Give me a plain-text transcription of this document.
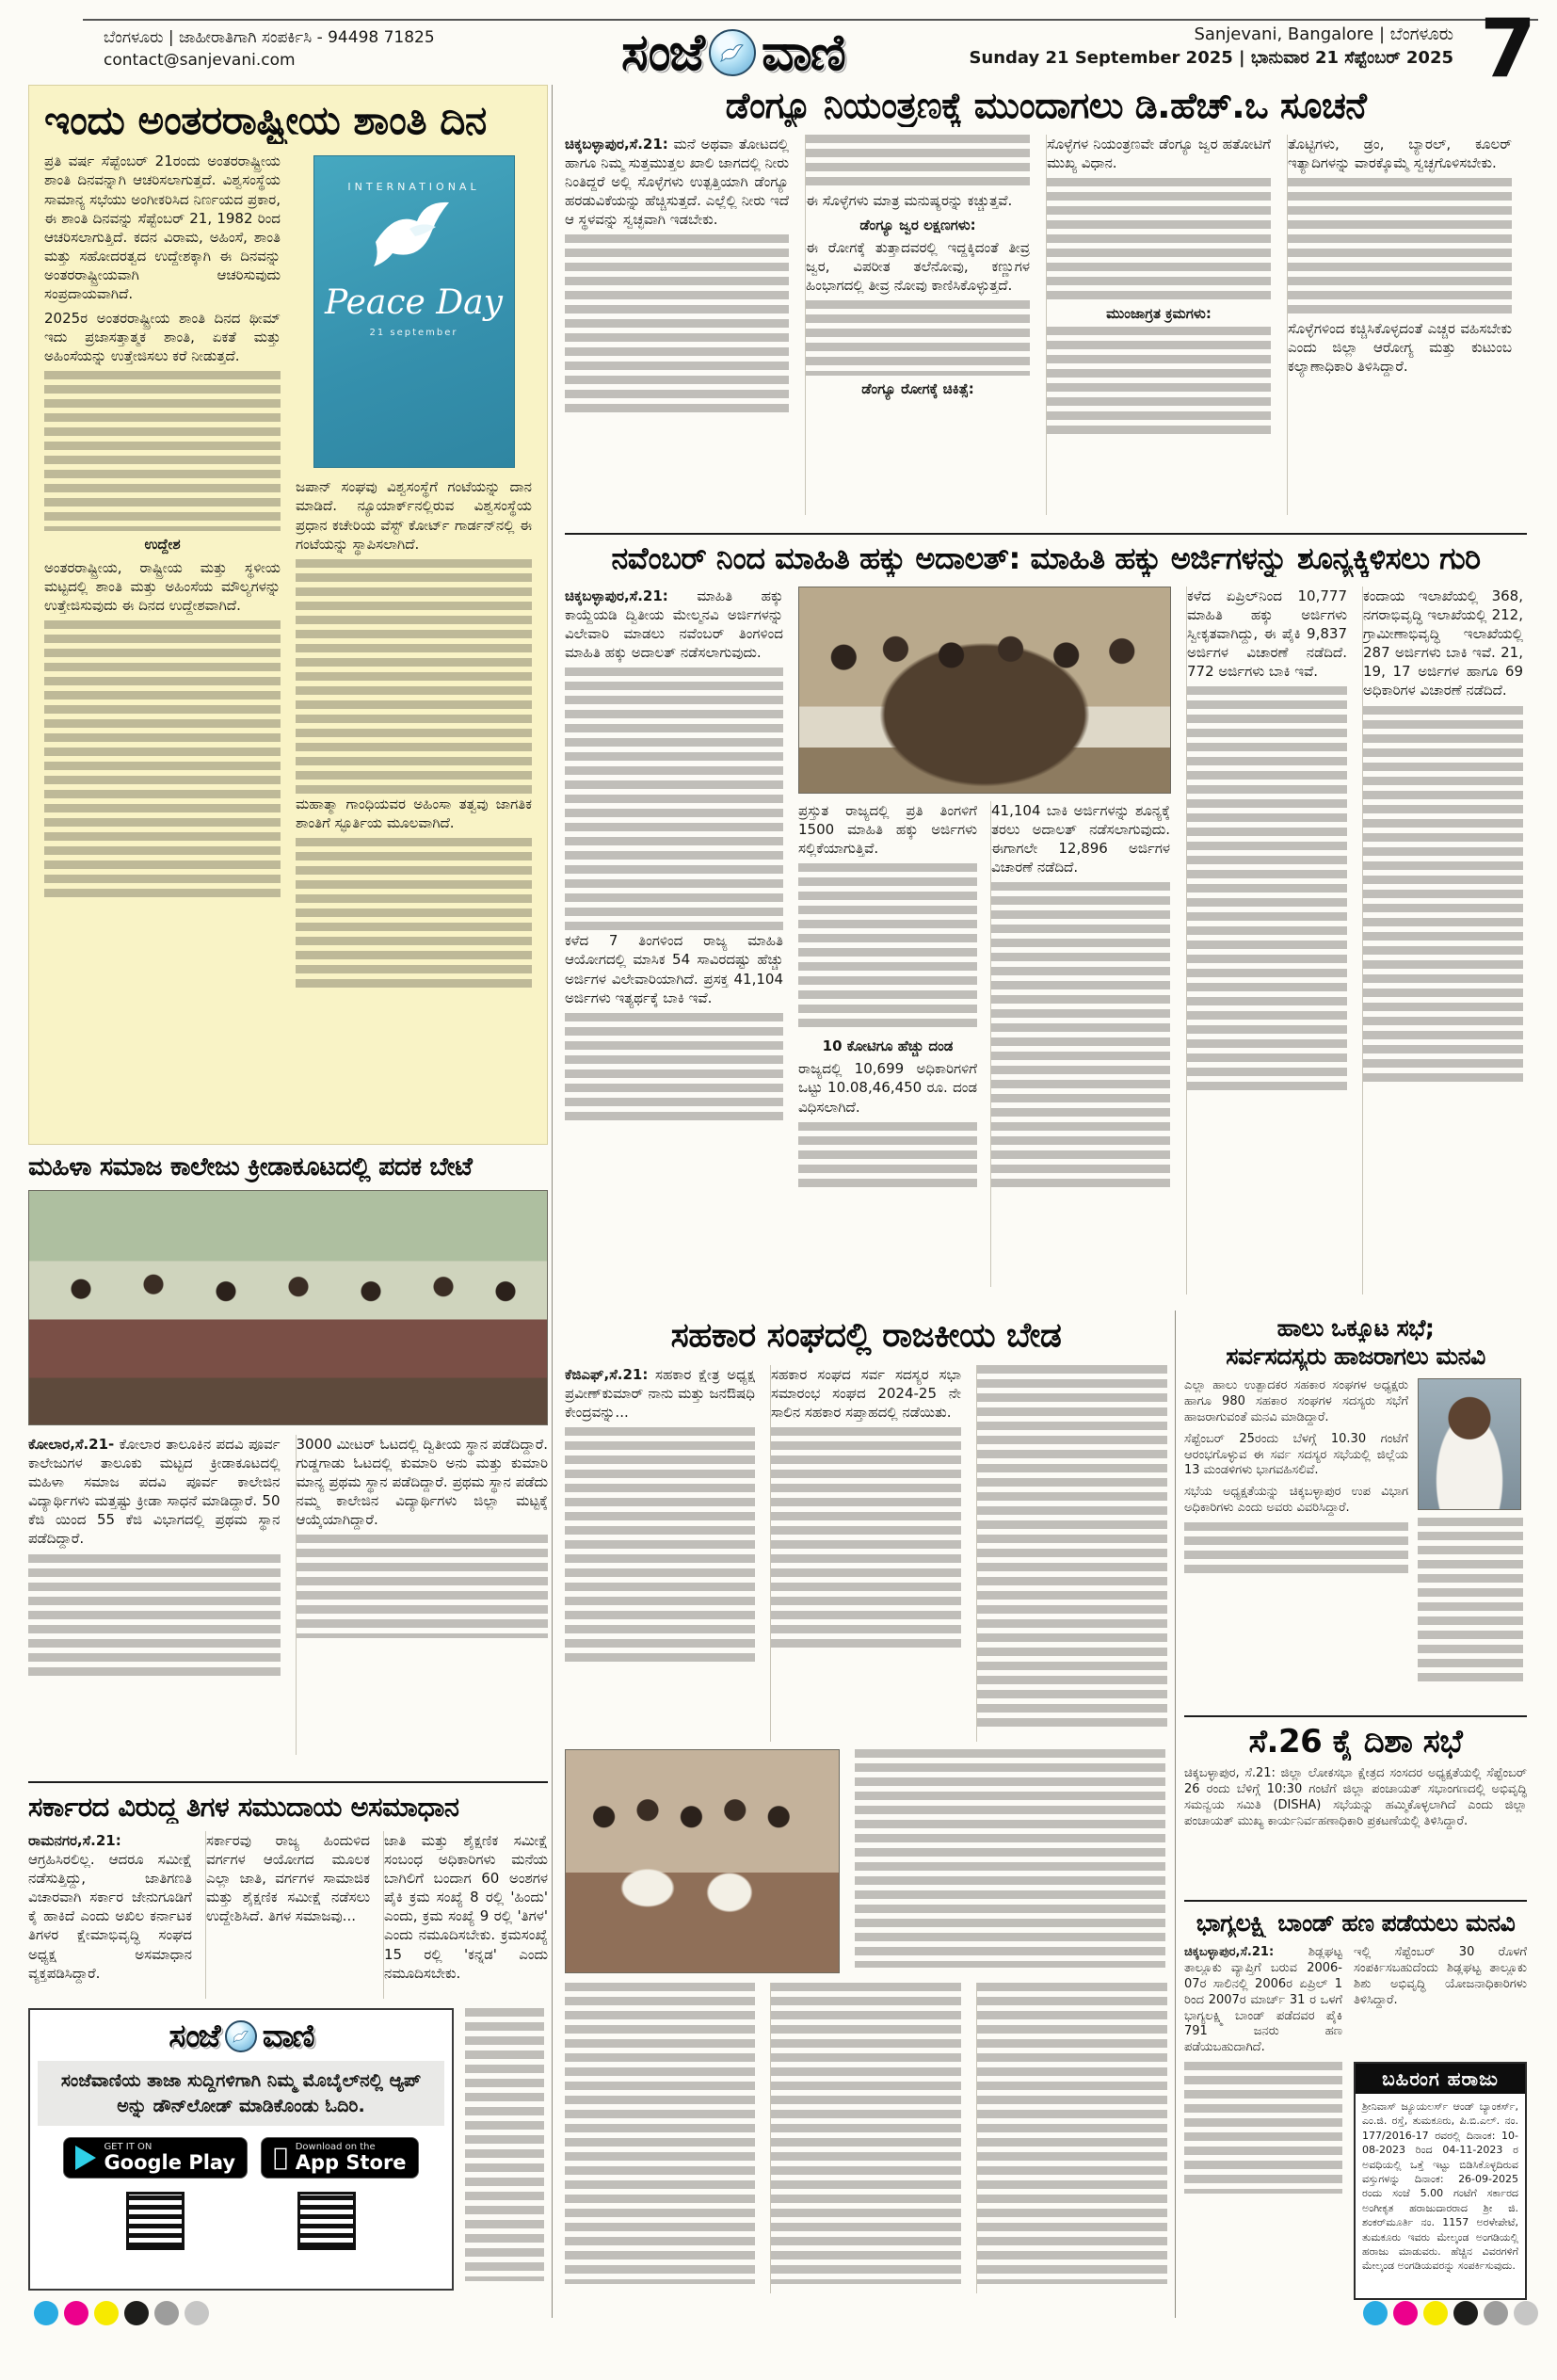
ಬೆಂಗಳೂರು | ಜಾಹೀರಾತಿಗಾಗಿ ಸಂಪರ್ಕಿಸಿ - 94498 71825
contact@sanjevani.com	ಸಂಜೆ ವಾಣಿ	Sanjevani, Bangalore | ಬೆಂಗಳೂರು
Sunday 21 September 2025 | ಭಾನುವಾರ 21 ಸೆಪ್ಟೆಂಬರ್ 2025 7
ಇಂದು ಅಂತರರಾಷ್ಟ್ರೀಯ ಶಾಂತಿ ದಿನ

ಪ್ರತಿ ವರ್ಷ ಸೆಪ್ಟೆಂಬರ್ 21ರಂದು ಅಂತರರಾಷ್ಟ್ರೀಯ ಶಾಂತಿ ದಿನವನ್ನಾಗಿ ಆಚರಿಸಲಾಗುತ್ತದೆ. ವಿಶ್ವಸಂಸ್ಥೆಯ ಸಾಮಾನ್ಯ ಸಭೆಯು ಅಂಗೀಕರಿಸಿದ ನಿರ್ಣಯದ ಪ್ರಕಾರ, ಈ ಶಾಂತಿ ದಿನವನ್ನು ಸೆಪ್ಟೆಂಬರ್ 21, 1982 ರಿಂದ ಆಚರಿಸಲಾಗುತ್ತಿದೆ. ಕದನ ವಿರಾಮ, ಅಹಿಂಸೆ, ಶಾಂತಿ ಮತ್ತು ಸಹೋದರತ್ವದ ಉದ್ದೇಶಕ್ಕಾಗಿ ಈ ದಿನವನ್ನು ಅಂತರರಾಷ್ಟ್ರೀಯವಾಗಿ ಆಚರಿಸುವುದು ಸಂಪ್ರದಾಯವಾಗಿದೆ.

2025ರ ಅಂತರರಾಷ್ಟ್ರೀಯ ಶಾಂತಿ ದಿನದ ಥೀಮ್ ಇದು ಪ್ರಜಾಸತ್ತಾತ್ಮಕ ಶಾಂತಿ, ಏಕತೆ ಮತ್ತು ಅಹಿಂಸೆಯನ್ನು ಉತ್ತೇಜಿಸಲು ಕರೆ ನೀಡುತ್ತದೆ.

ಉದ್ದೇಶ

ಅಂತರರಾಷ್ಟ್ರೀಯ, ರಾಷ್ಟ್ರೀಯ ಮತ್ತು ಸ್ಥಳೀಯ ಮಟ್ಟದಲ್ಲಿ ಶಾಂತಿ ಮತ್ತು ಅಹಿಂಸೆಯ ಮೌಲ್ಯಗಳನ್ನು ಉತ್ತೇಜಿಸುವುದು ಈ ದಿನದ ಉದ್ದೇಶವಾಗಿದೆ.

INTERNATIONAL
Peace Day
21 september

ಜಪಾನ್ ಸಂಘವು ವಿಶ್ವಸಂಸ್ಥೆಗೆ ಗಂಟೆಯನ್ನು ದಾನ ಮಾಡಿದೆ. ನ್ಯೂಯಾರ್ಕ್‌ನಲ್ಲಿರುವ ವಿಶ್ವಸಂಸ್ಥೆಯ ಪ್ರಧಾನ ಕಚೇರಿಯ ವೆಸ್ಟ್ ಕೋರ್ಟ್ ಗಾರ್ಡನ್‌ನಲ್ಲಿ ಈ ಗಂಟೆಯನ್ನು ಸ್ಥಾಪಿಸಲಾಗಿದೆ.

ಮಹಾತ್ಮಾ ಗಾಂಧಿಯವರ ಅಹಿಂಸಾ ತತ್ವವು ಜಾಗತಿಕ ಶಾಂತಿಗೆ ಸ್ಫೂರ್ತಿಯ ಮೂಲವಾಗಿದೆ.

ಮಹಿಳಾ ಸಮಾಜ ಕಾಲೇಜು ಕ್ರೀಡಾಕೂಟದಲ್ಲಿ ಪದಕ ಬೇಟೆ

ಕೋಲಾರ,ಸೆ.21- ಕೋಲಾರ ತಾಲೂಕಿನ ಪದವಿ ಪೂರ್ವ ಕಾಲೇಜುಗಳ ತಾಲೂಕು ಮಟ್ಟದ ಕ್ರೀಡಾಕೂಟದಲ್ಲಿ ಮಹಿಳಾ ಸಮಾಜ ಪದವಿ ಪೂರ್ವ ಕಾಲೇಜಿನ ವಿದ್ಯಾರ್ಥಿಗಳು ಮತ್ತಷ್ಟು ಕ್ರೀಡಾ ಸಾಧನೆ ಮಾಡಿದ್ದಾರೆ. 50 ಕೆಜಿ ಯಿಂದ 55 ಕೆಜಿ ವಿಭಾಗದಲ್ಲಿ ಪ್ರಥಮ ಸ್ಥಾನ ಪಡೆದಿದ್ದಾರೆ.

3000 ಮೀಟರ್ ಓಟದಲ್ಲಿ ದ್ವಿತೀಯ ಸ್ಥಾನ ಪಡೆದಿದ್ದಾರೆ. ಗುಡ್ಡಗಾಡು ಓಟದಲ್ಲಿ ಕುಮಾರಿ ಅನು ಮತ್ತು ಕುಮಾರಿ ಮಾನ್ಯ ಪ್ರಥಮ ಸ್ಥಾನ ಪಡೆದಿದ್ದಾರೆ. ಪ್ರಥಮ ಸ್ಥಾನ ಪಡೆದು ನಮ್ಮ ಕಾಲೇಜಿನ ವಿದ್ಯಾರ್ಥಿಗಳು ಜಿಲ್ಲಾ ಮಟ್ಟಕ್ಕೆ ಆಯ್ಕೆಯಾಗಿದ್ದಾರೆ.

ಸರ್ಕಾರದ ವಿರುದ್ಧ ತಿಗಳ ಸಮುದಾಯ ಅಸಮಾಧಾನ

ರಾಮನಗರ,ಸೆ.21: ಆಗ್ರಹಿಸಿರಲಿಲ್ಲ. ಆದರೂ ಸಮೀಕ್ಷೆ ನಡೆಸುತ್ತಿದ್ದು, ಜಾತಿಗಣತಿ ವಿಚಾರವಾಗಿ ಸರ್ಕಾರ ಜೇನುಗೂಡಿಗೆ ಕೈ ಹಾಕಿದೆ ಎಂದು ಅಖಿಲ ಕರ್ನಾಟಕ ತಿಗಳರ ಕ್ಷೇಮಾಭಿವೃದ್ಧಿ ಸಂಘದ ಅಧ್ಯಕ್ಷ ಅಸಮಾಧಾನ ವ್ಯಕ್ತಪಡಿಸಿದ್ದಾರೆ.

ಸರ್ಕಾರವು ರಾಜ್ಯ ಹಿಂದುಳಿದ ವರ್ಗಗಳ ಆಯೋಗದ ಮೂಲಕ ಎಲ್ಲಾ ಜಾತಿ, ವರ್ಗಗಳ ಸಾಮಾಜಿಕ ಮತ್ತು ಶೈಕ್ಷಣಿಕ ಸಮೀಕ್ಷೆ ನಡೆಸಲು ಉದ್ದೇಶಿಸಿದೆ. ತಿಗಳ ಸಮಾಜವು...

ಜಾತಿ ಮತ್ತು ಶೈಕ್ಷಣಿಕ ಸಮೀಕ್ಷೆ ಸಂಬಂಧ ಅಧಿಕಾರಿಗಳು ಮನೆಯ ಬಾಗಿಲಿಗೆ ಬಂದಾಗ 60 ಅಂಶಗಳ ಪೈಕಿ ಕ್ರಮ ಸಂಖ್ಯೆ 8 ರಲ್ಲಿ 'ಹಿಂದು' ಎಂದು, ಕ್ರಮ ಸಂಖ್ಯೆ 9 ರಲ್ಲಿ 'ತಿಗಳ' ಎಂದು ನಮೂದಿಸಬೇಕು. ಕ್ರಮಸಂಖ್ಯೆ 15 ರಲ್ಲಿ 'ಕನ್ನಡ' ಎಂದು ನಮೂದಿಸಬೇಕು.

ಸಂಜೆ ವಾಣಿ
ಸಂಜೆವಾಣಿಯ ತಾಜಾ ಸುದ್ದಿಗಳಿಗಾಗಿ ನಿಮ್ಮ ಮೊಬೈಲ್‌ನಲ್ಲಿ ಆ್ಯಪ್ ಅನ್ನು ಡೌನ್‌ಲೋಡ್ ಮಾಡಿಕೊಂಡು ಓದಿರಿ.
GET IT ON
Google Play
Download on the
App Store
ಡೆಂಗ್ಯೂ ನಿಯಂತ್ರಣಕ್ಕೆ ಮುಂದಾಗಲು ಡಿ.ಹೆಚ್.ಒ ಸೂಚನೆ

ಚಿಕ್ಕಬಳ್ಳಾಪುರ,ಸೆ.21: ಮನೆ ಅಥವಾ ತೋಟದಲ್ಲಿ ಹಾಗೂ ನಿಮ್ಮ ಸುತ್ತಮುತ್ತಲ ಖಾಲಿ ಜಾಗದಲ್ಲಿ ನೀರು ನಿಂತಿದ್ದರೆ ಅಲ್ಲಿ ಸೊಳ್ಳೆಗಳು ಉತ್ಪತ್ತಿಯಾಗಿ ಡೆಂಗ್ಯೂ ಹರಡುವಿಕೆಯನ್ನು ಹೆಚ್ಚಿಸುತ್ತದೆ. ಎಲ್ಲೆಲ್ಲಿ ನೀರು ಇದೆ ಆ ಸ್ಥಳವನ್ನು ಸ್ವಚ್ಛವಾಗಿ ಇಡಬೇಕು.

ಈ ಸೊಳ್ಳೆಗಳು ಮಾತ್ರ ಮನುಷ್ಯರನ್ನು ಕಚ್ಚುತ್ತವೆ.

ಡೆಂಗ್ಯೂ ಜ್ವರ ಲಕ್ಷಣಗಳು:

ಈ ರೋಗಕ್ಕೆ ತುತ್ತಾದವರಲ್ಲಿ ಇದ್ದಕ್ಕಿದಂತೆ ತೀವ್ರ ಜ್ವರ, ವಿಪರೀತ ತಲೆನೋವು, ಕಣ್ಣುಗಳ ಹಿಂಭಾಗದಲ್ಲಿ ತೀವ್ರ ನೋವು ಕಾಣಿಸಿಕೊಳ್ಳುತ್ತದೆ.

ಡೆಂಗ್ಯೂ ರೋಗಕ್ಕೆ ಚಿಕಿತ್ಸೆ:

ಸೊಳ್ಳೆಗಳ ನಿಯಂತ್ರಣವೇ ಡೆಂಗ್ಯೂ ಜ್ವರ ಹತೋಟಿಗೆ ಮುಖ್ಯ ವಿಧಾನ.

ಮುಂಜಾಗ್ರತ ಕ್ರಮಗಳು:

ತೊಟ್ಟಿಗಳು, ಡ್ರಂ, ಬ್ಯಾರಲ್, ಕೂಲರ್ ಇತ್ಯಾದಿಗಳನ್ನು ವಾರಕ್ಕೊಮ್ಮೆ ಸ್ವಚ್ಛಗೊಳಿಸಬೇಕು.

ಸೊಳ್ಳೆಗಳಿಂದ ಕಚ್ಚಿಸಿಕೊಳ್ಳದಂತೆ ಎಚ್ಚರ ವಹಿಸಬೇಕು ಎಂದು ಜಿಲ್ಲಾ ಆರೋಗ್ಯ ಮತ್ತು ಕುಟುಂಬ ಕಲ್ಯಾಣಾಧಿಕಾರಿ ತಿಳಿಸಿದ್ದಾರೆ.

ನವೆಂಬರ್ ನಿಂದ ಮಾಹಿತಿ ಹಕ್ಕು ಅದಾಲತ್: ಮಾಹಿತಿ ಹಕ್ಕು ಅರ್ಜಿಗಳನ್ನು ಶೂನ್ಯಕ್ಕಿಳಿಸಲು ಗುರಿ

ಚಿಕ್ಕಬಳ್ಳಾಪುರ,ಸೆ.21: ಮಾಹಿತಿ ಹಕ್ಕು ಕಾಯ್ದೆಯಡಿ ದ್ವಿತೀಯ ಮೇಲ್ಮನವಿ ಅರ್ಜಿಗಳನ್ನು ವಿಲೇವಾರಿ ಮಾಡಲು ನವೆಂಬರ್ ತಿಂಗಳಿಂದ ಮಾಹಿತಿ ಹಕ್ಕು ಅದಾಲತ್ ನಡೆಸಲಾಗುವುದು.

ಕಳೆದ 7 ತಿಂಗಳಿಂದ ರಾಜ್ಯ ಮಾಹಿತಿ ಆಯೋಗದಲ್ಲಿ ಮಾಸಿಕ 54 ಸಾವಿರದಷ್ಟು ಹೆಚ್ಚು ಅರ್ಜಿಗಳ ವಿಲೇವಾರಿಯಾಗಿದೆ. ಪ್ರಸಕ್ತ 41,104 ಅರ್ಜಿಗಳು ಇತ್ಯರ್ಥಕ್ಕೆ ಬಾಕಿ ಇವೆ.

ಪ್ರಸ್ತುತ ರಾಜ್ಯದಲ್ಲಿ ಪ್ರತಿ ತಿಂಗಳಿಗೆ 1500 ಮಾಹಿತಿ ಹಕ್ಕು ಅರ್ಜಿಗಳು ಸಲ್ಲಿಕೆಯಾಗುತ್ತಿವೆ.

10 ಕೋಟಿಗೂ ಹೆಚ್ಚು ದಂಡ

ರಾಜ್ಯದಲ್ಲಿ 10,699 ಅಧಿಕಾರಿಗಳಿಗೆ ಒಟ್ಟು 10.08,46,450 ರೂ. ದಂಡ ವಿಧಿಸಲಾಗಿದೆ.

41,104 ಬಾಕಿ ಅರ್ಜಿಗಳನ್ನು ಶೂನ್ಯಕ್ಕೆ ತರಲು ಅದಾಲತ್ ನಡೆಸಲಾಗುವುದು. ಈಗಾಗಲೇ 12,896 ಅರ್ಜಿಗಳ ವಿಚಾರಣೆ ನಡೆದಿದೆ.

ಕಳೆದ ಏಪ್ರಿಲ್‌ನಿಂದ 10,777 ಮಾಹಿತಿ ಹಕ್ಕು ಅರ್ಜಿಗಳು ಸ್ವೀಕೃತವಾಗಿದ್ದು, ಈ ಪೈಕಿ 9,837 ಅರ್ಜಿಗಳ ವಿಚಾರಣೆ ನಡೆದಿದೆ. 772 ಅರ್ಜಿಗಳು ಬಾಕಿ ಇವೆ.

ಕಂದಾಯ ಇಲಾಖೆಯಲ್ಲಿ 368, ನಗರಾಭಿವೃದ್ಧಿ ಇಲಾಖೆಯಲ್ಲಿ 212, ಗ್ರಾಮೀಣಾಭಿವೃದ್ಧಿ ಇಲಾಖೆಯಲ್ಲಿ 287 ಅರ್ಜಿಗಳು ಬಾಕಿ ಇವೆ. 21, 19, 17 ಅರ್ಜಿಗಳ ಹಾಗೂ 69 ಅಧಿಕಾರಿಗಳ ವಿಚಾರಣೆ ನಡೆದಿದೆ.

ಸಹಕಾರ ಸಂಘದಲ್ಲಿ ರಾಜಕೀಯ ಬೇಡ

ಕೆಜಿಎಫ್,ಸೆ.21: ಸಹಕಾರ ಕ್ಷೇತ್ರ ಅಧ್ಯಕ್ಷ ಪ್ರವೀಣ್‌ಕುಮಾರ್ ನಾನು ಮತ್ತು ಜನಔಷಧಿ ಕೇಂದ್ರವನ್ನು...

ಸಹಕಾರ ಸಂಘದ ಸರ್ವ ಸದಸ್ಯರ ಸಭಾ ಸಮಾರಂಭ ಸಂಘದ 2024-25 ನೇ ಸಾಲಿನ ಸಹಕಾರ ಸಪ್ತಾಹದಲ್ಲಿ ನಡೆಯಿತು.

ಹಾಲು ಒಕ್ಕೂಟ ಸಭೆ;
ಸರ್ವಸದಸ್ಯರು ಹಾಜರಾಗಲು ಮನವಿ

ಎಲ್ಲಾ ಹಾಲು ಉತ್ಪಾದಕರ ಸಹಕಾರ ಸಂಘಗಳ ಅಧ್ಯಕ್ಷರು ಹಾಗೂ 980 ಸಹಕಾರ ಸಂಘಗಳ ಸದಸ್ಯರು ಸಭೆಗೆ ಹಾಜರಾಗುವಂತೆ ಮನವಿ ಮಾಡಿದ್ದಾರೆ.

ಸೆಪ್ಟೆಂಬರ್ 25ರಂದು ಬೆಳಗ್ಗೆ 10.30 ಗಂಟೆಗೆ ಆರಂಭಗೊಳ್ಳುವ ಈ ಸರ್ವ ಸದಸ್ಯರ ಸಭೆಯಲ್ಲಿ ಜಿಲ್ಲೆಯ 13 ಮಂಡಳಿಗಳು ಭಾಗವಹಿಸಲಿವೆ.

ಸಭೆಯ ಅಧ್ಯಕ್ಷತೆಯನ್ನು ಚಿಕ್ಕಬಳ್ಳಾಪುರ ಉಪ ವಿಭಾಗ ಅಧಿಕಾರಿಗಳು ಎಂದು ಅವರು ವಿವರಿಸಿದ್ದಾರೆ.

ಸೆ.26 ಕೈ ದಿಶಾ ಸಭೆ
ಚಿಕ್ಕಬಳ್ಳಾಪುರ, ಸೆ.21: ಜಿಲ್ಲಾ ಲೋಕಸಭಾ ಕ್ಷೇತ್ರದ ಸಂಸದರ ಅಧ್ಯಕ್ಷತೆಯಲ್ಲಿ ಸೆಪ್ಟೆಂಬರ್ 26 ರಂದು ಬೆಳಿಗ್ಗೆ 10:30 ಗಂಟೆಗೆ ಜಿಲ್ಲಾ ಪಂಚಾಯತ್ ಸಭಾಂಗಣದಲ್ಲಿ ಅಭಿವೃದ್ಧಿ ಸಮನ್ವಯ ಸಮಿತಿ (DISHA) ಸಭೆಯನ್ನು ಹಮ್ಮಿಕೊಳ್ಳಲಾಗಿದೆ ಎಂದು ಜಿಲ್ಲಾ ಪಂಚಾಯತ್ ಮುಖ್ಯ ಕಾರ್ಯನಿರ್ವಹಣಾಧಿಕಾರಿ ಪ್ರಕಟಣೆಯಲ್ಲಿ ತಿಳಿಸಿದ್ದಾರೆ.
ಭಾಗ್ಯಲಕ್ಷ್ಮಿ ಬಾಂಡ್ ಹಣ ಪಡೆಯಲು ಮನವಿ

ಚಿಕ್ಕಬಳ್ಳಾಪುರ,ಸೆ.21:	ಶಿಡ್ಲಘಟ್ಟ ತಾಲ್ಲೂಕು ವ್ಯಾಪ್ತಿಗೆ ಬರುವ 2006-07ರ ಸಾಲಿನಲ್ಲಿ 2006ರ ಏಪ್ರಿಲ್ 1 ರಿಂದ 2007ರ ಮಾರ್ಚ್ 31 ರ ಒಳಗೆ ಭಾಗ್ಯಲಕ್ಷ್ಮಿ ಬಾಂಡ್ ಪಡೆದವರ ಪೈಕಿ 791 ಜನರು ಹಣ ಪಡೆಯಬಹುದಾಗಿದೆ.

ಇಲ್ಲಿ ಸೆಪ್ಟೆಂಬರ್ 30 ರೊಳಗೆ ಸಂಪರ್ಕಿಸಬಹುದೆಂದು ಶಿಡ್ಲಘಟ್ಟ ತಾಲ್ಲೂಕು ಶಿಶು ಅಭಿವೃದ್ಧಿ ಯೋಜನಾಧಿಕಾರಿಗಳು ತಿಳಿಸಿದ್ದಾರೆ.
ಬಹಿರಂಗ ಹರಾಜು
ಶ್ರೀನಿವಾಸ್ ಜ್ಯೂಯಲರ್ಸ್ ಆಂಡ್ ಬ್ಯಾಂಕರ್ಸ್, ಎಂ.ಜಿ. ರಸ್ತೆ, ತುಮಕೂರು, ಪಿ.ಬಿ.ಎಲ್. ನಂ. 177/2016-17 ರವರಲ್ಲಿ ದಿನಾಂಕ: 10-08-2023 ರಿಂದ 04-11-2023 ರ ಅವಧಿಯಲ್ಲಿ ಒತ್ತೆ ಇಟ್ಟು ಬಿಡಿಸಿಕೊಳ್ಳದಿರುವ ವಸ್ತುಗಳನ್ನು ದಿನಾಂಕ: 26-09-2025 ರಂದು ಸಂಜೆ 5.00 ಗಂಟೆಗೆ ಸರ್ಕಾರದ ಅಂಗೀಕೃತ ಹರಾಜುದಾರರಾದ ಶ್ರೀ ಜಿ. ಶಂಕರ್‌ಮೂರ್ತಿ ನಂ. 1157 ಅರಳೇಪೇಟೆ, ತುಮಕೂರು ಇವರು ಮೇಲ್ಕಂಡ ಅಂಗಡಿಯಲ್ಲಿ ಹರಾಜು ಮಾಡುವರು. ಹೆಚ್ಚಿನ ವಿವರಗಳಿಗೆ ಮೇಲ್ಕಂಡ ಅಂಗಡಿಯವರನ್ನು ಸಂಪರ್ಕಿಸುವುದು.
